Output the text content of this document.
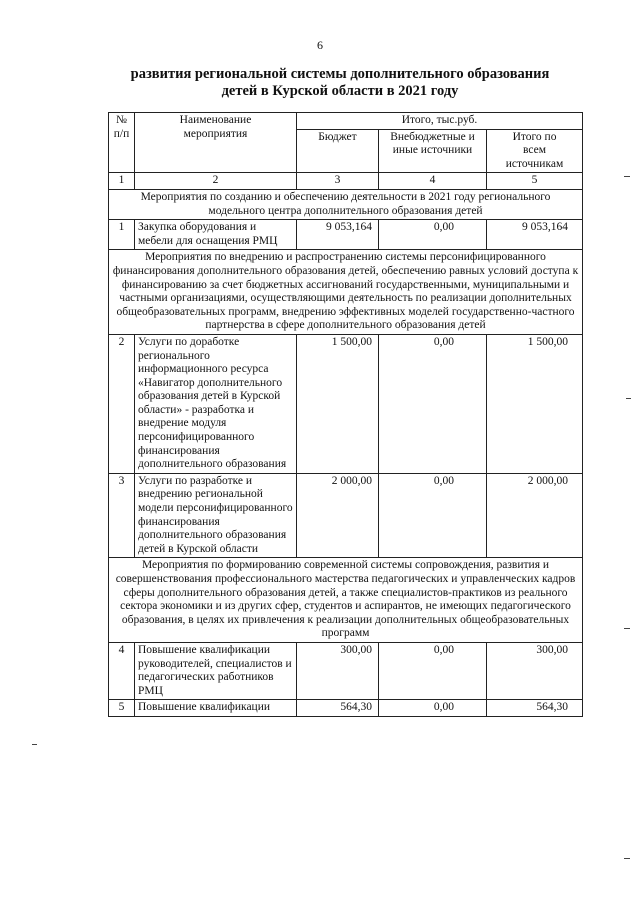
6
развития региональной системы дополнительного образования
детей в Курской области в 2021 году
№ п/п	Наименование мероприятия	Итого, тыс.руб.		
		Бюджет	Внебюджетные и иные источники	Итого по всем источникам
1	2	3	4	5
Мероприятия по созданию и обеспечению деятельности в 2021 году регионального модельного центра дополнительного образования детей				
1	Закупка оборудования и мебели для оснащения РМЦ	9 053,164	0,00	9 053,164
Мероприятия по внедрению и распространению системы персонифицированного финансирования дополнительного образования детей, обеспечению равных условий доступа к финансированию за счет бюджетных ассигнований государственными, муниципальными и частными организациями, осуществляющими деятельность по реализации дополнительных общеобразовательных программ, внедрению эффективных моделей государственно-частного партнерства в сфере дополнительного образования детей				
2	Услуги по доработке регионального информационного ресурса «Навигатор дополнительного образования детей в Курской области» - разработка и внедрение модуля персонифицированного финансирования дополнительного образования	1 500,00	0,00	1 500,00
3	Услуги по разработке и внедрению региональной модели персонифицированного финансирования дополнительного образования детей в Курской области	2 000,00	0,00	2 000,00
Мероприятия по формированию современной системы сопровождения, развития и совершенствования профессионального мастерства педагогических и управленческих кадров сферы дополнительного образования детей, а также специалистов-практиков из реального сектора экономики и из других сфер, студентов и аспирантов, не имеющих педагогического образования, в целях их привлечения к реализации дополнительных общеобразовательных программ				
4	Повышение квалификации руководителей, специалистов и педагогических работников РМЦ	300,00	0,00	300,00
5	Повышение квалификации	564,30	0,00	564,30
